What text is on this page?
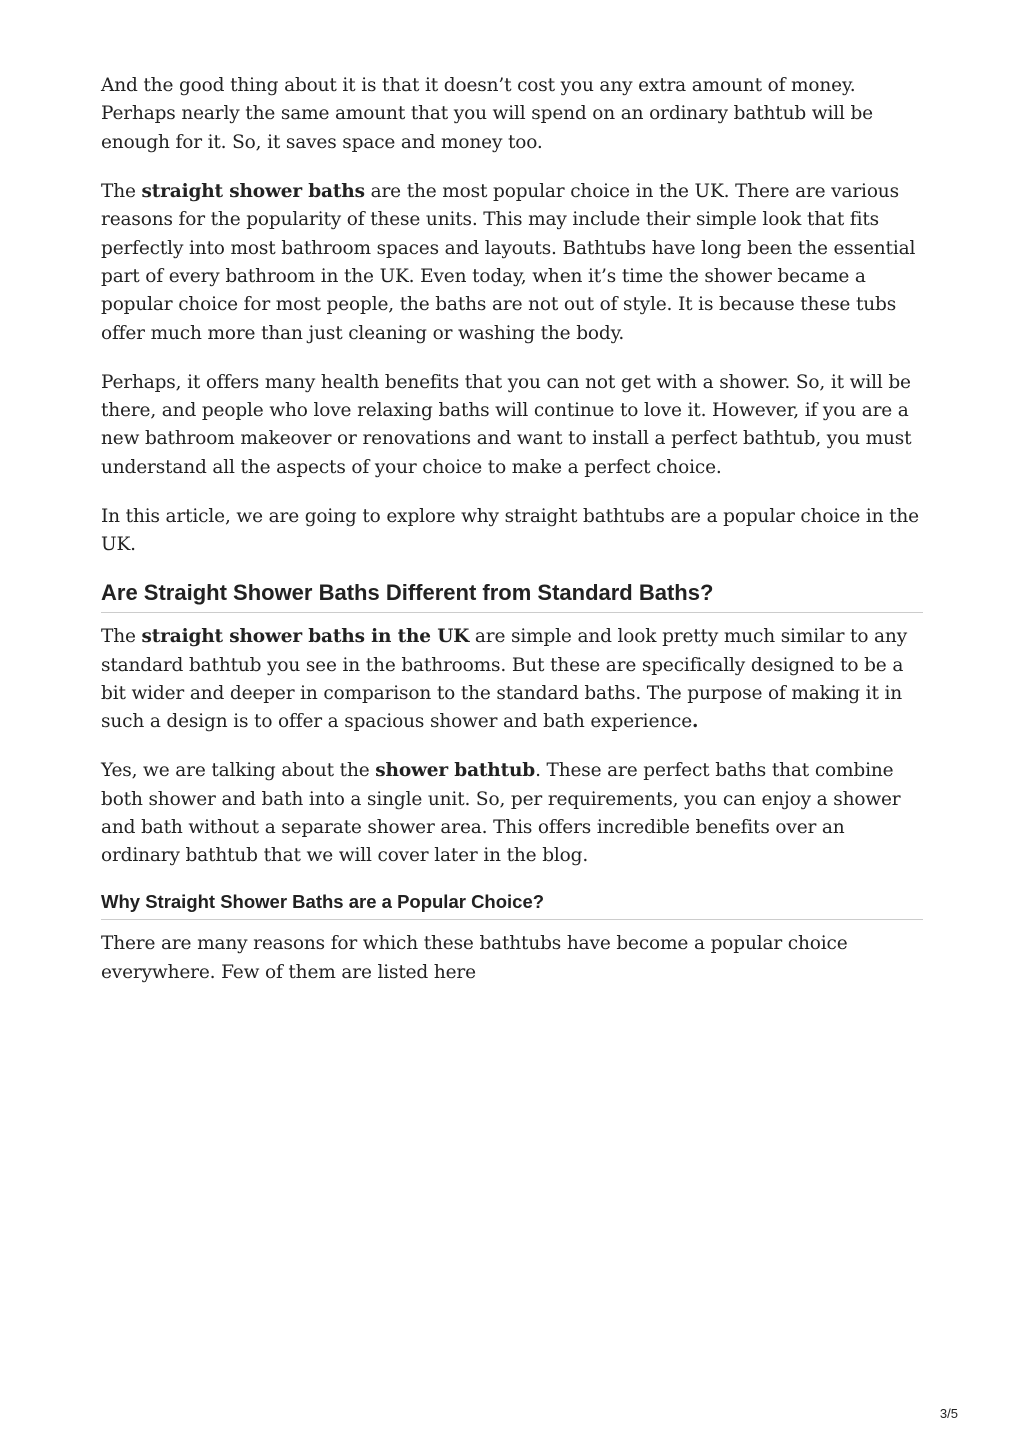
And the good thing about it is that it doesn’t cost you any extra amount of money. Perhaps nearly the same amount that you will spend on an ordinary bathtub will be enough for it. So, it saves space and money too.

The straight shower baths are the most popular choice in the UK. There are various reasons for the popularity of these units. This may include their simple look that fits perfectly into most bathroom spaces and layouts. Bathtubs have long been the essential part of every bathroom in the UK. Even today, when it’s time the shower became a popular choice for most people, the baths are not out of style. It is because these tubs offer much more than just cleaning or washing the body.

Perhaps, it offers many health benefits that you can not get with a shower. So, it will be there, and people who love relaxing baths will continue to love it. However, if you are a new bathroom makeover or renovations and want to install a perfect bathtub, you must understand all the aspects of your choice to make a perfect choice.

In this article, we are going to explore why straight bathtubs are a popular choice in the UK.

Are Straight Shower Baths Different from Standard Baths?

The straight shower baths in the UK are simple and look pretty much similar to any standard bathtub you see in the bathrooms. But these are specifically designed to be a bit wider and deeper in comparison to the standard baths. The purpose of making it in such a design is to offer a spacious shower and bath experience.

Yes, we are talking about the shower bathtub. These are perfect baths that combine both shower and bath into a single unit. So, per requirements, you can enjoy a shower and bath without a separate shower area. This offers incredible benefits over an ordinary bathtub that we will cover later in the blog.

Why Straight Shower Baths are a Popular Choice?

There are many reasons for which these bathtubs have become a popular choice everywhere. Few of them are listed here

3/5
